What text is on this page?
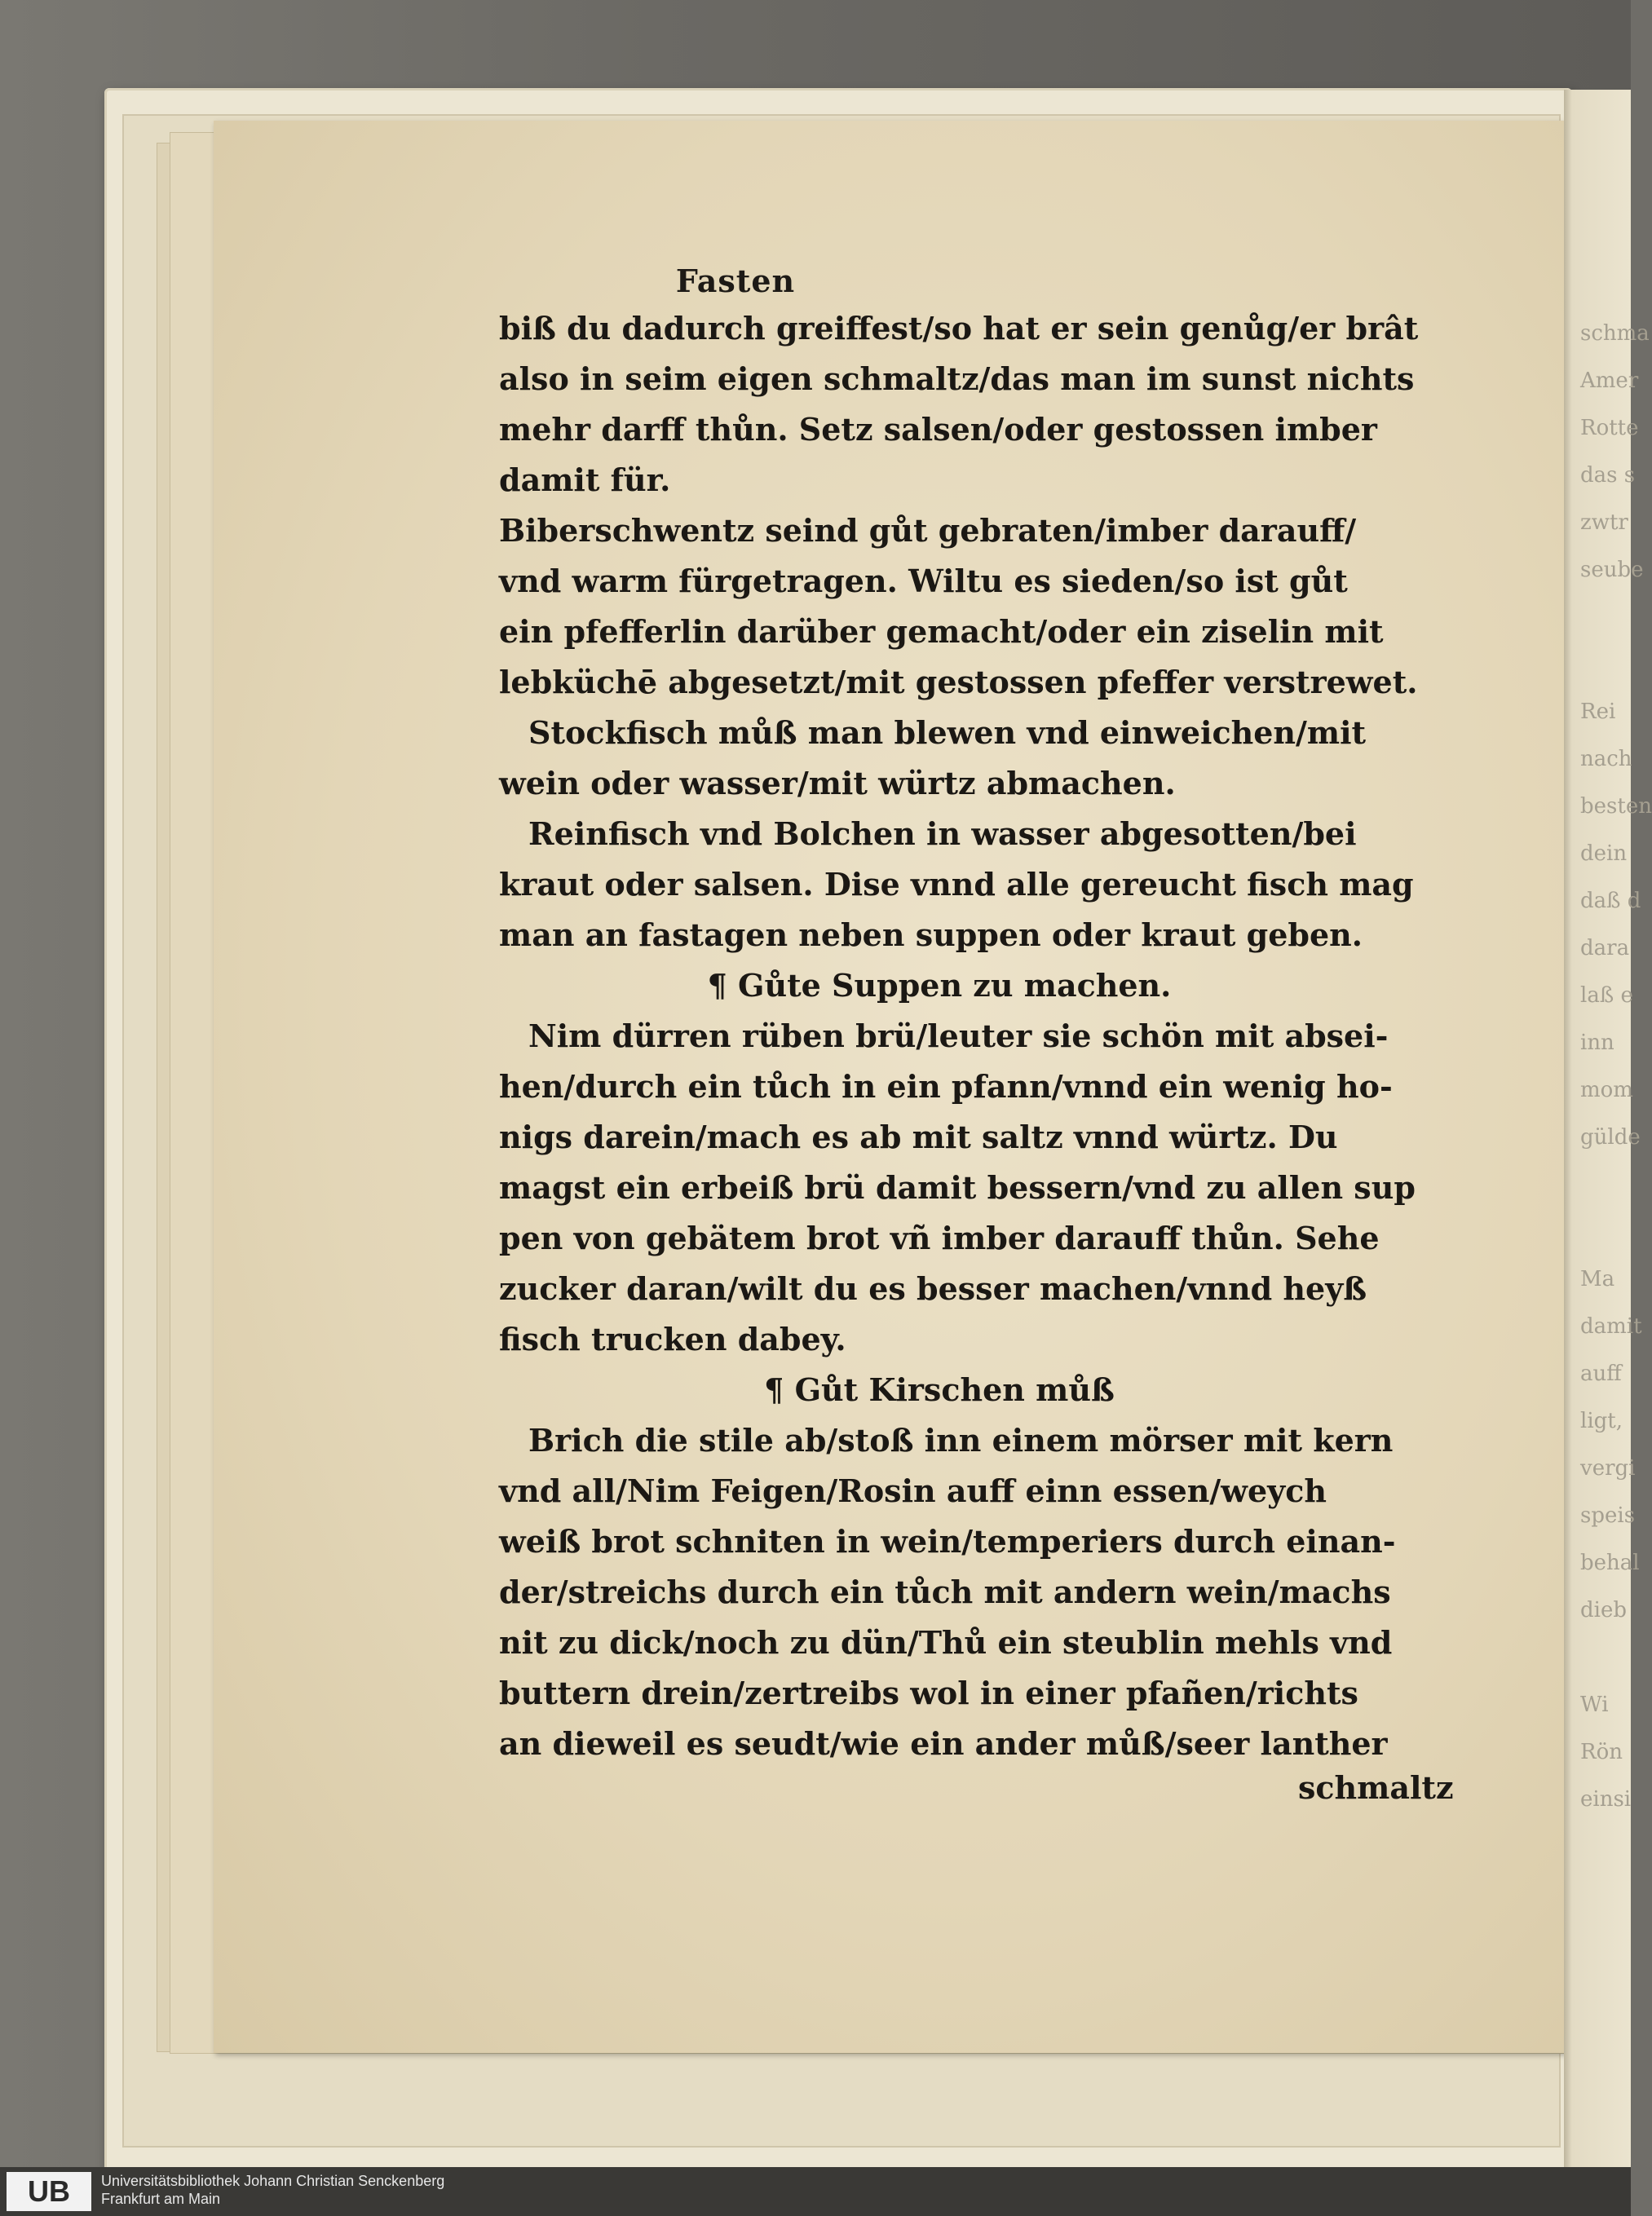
Fasten
biß du dadurch greiffest/so hat er sein genůg/er brât
also in seim eigen schmaltz/das man im sunst nichts
mehr darff thůn. Setz salsen/oder gestossen imber
damit für.
Biberschwentz seind gůt gebraten/imber darauff/
vnd warm fürgetragen. Wiltu es sieden/so ist gůt
ein pfefferlin darüber gemacht/oder ein ziselin mit
lebküchē abgesetzt/mit gestossen pfeffer verstrewet.
Stockfisch můß man blewen vnd einweichen/mit
wein oder wasser/mit würtz abmachen.
Reinfisch vnd Bolchen in wasser abgesotten/bei
kraut oder salsen. Dise vnnd alle gereucht fisch mag
man an fastagen neben suppen oder kraut geben.
¶ Gůte Suppen zu machen.
Nim dürren rüben brü/leuter sie schön mit absei-
hen/durch ein tůch in ein pfann/vnnd ein wenig ho-
nigs darein/mach es ab mit saltz vnnd würtz. Du
magst ein erbeiß brü damit bessern/vnd zu allen sup
pen von gebätem brot vñ imber darauff thůn. Sehe
zucker daran/wilt du es besser machen/vnnd heyß
fisch trucken dabey.
¶ Gůt Kirschen můß
Brich die stile ab/stoß inn einem mörser mit kern
vnd all/Nim Feigen/Rosin auff einn essen/weych
weiß brot schniten in wein/temperiers durch einan-
der/streichs durch ein tůch mit andern wein/machs
nit zu dick/noch zu dün/Thů ein steublin mehls vnd
buttern drein/zertreibs wol in einer pfañen/richts
an dieweil es seudt/wie ein ander můß/seer lanther
schmaltz
schma
Amer
Rotte
das s
zwtr
seube
Rei
nach
besten
dein
daß d
dara
laß e
inn
mom
gülde
Ma
damit
auff
ligt,
vergi
speis
behal
dieb
Wi
Rön
einsi
UB	Universitätsbibliothek Johann Christian Senckenberg
Frankfurt am Main
